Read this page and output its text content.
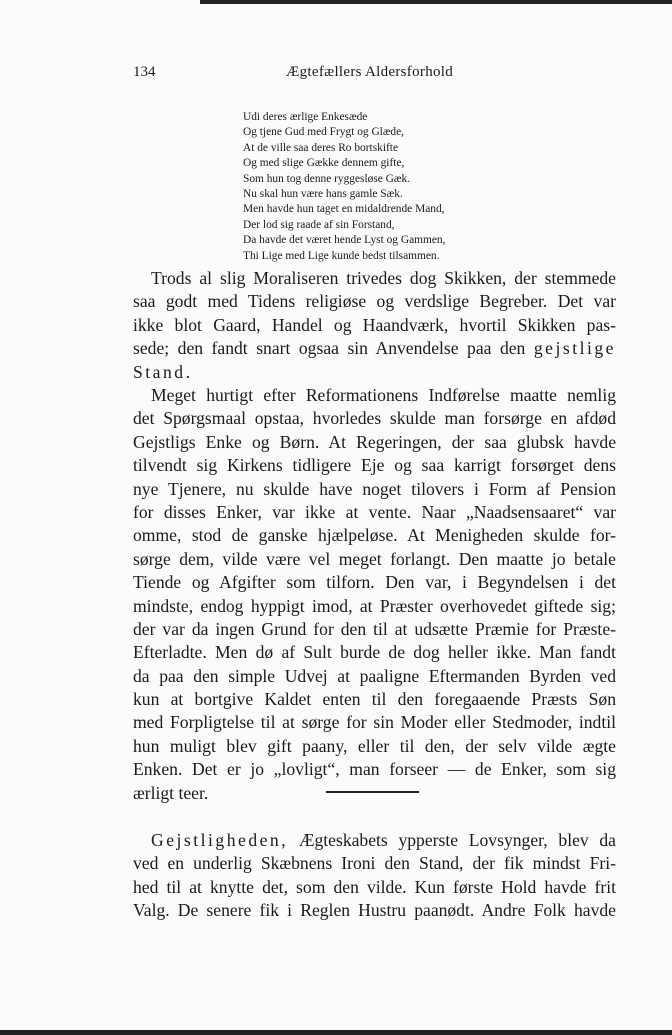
134	Ægtefællers Aldersforhold
Udi deres ærlige Enkesæde
Og tjene Gud med Frygt og Glæde,
At de ville saa deres Ro bortskifte
Og med slige Gække dennem gifte,
Som hun tog denne ryggesløse Gæk.
Nu skal hun være hans gamle Sæk.
Men havde hun taget en midaldrende Mand,
Der lod sig raade af sin Forstand,
Da havde det været hende Lyst og Gammen,
Thi Lige med Lige kunde bedst tilsammen.
Trods al slig Moraliseren trivedes dog Skikken, der stemmede
saa godt med Tidens religiøse og verdslige Begreber. Det var
ikke blot Gaard, Handel og Haandværk, hvortil Skikken pas-
sede; den fandt snart ogsaa sin Anvendelse paa den gejstlige
Stand.
Meget hurtigt efter Reformationens Indførelse maatte nemlig
det Spørgsmaal opstaa, hvorledes skulde man forsørge en afdød
Gejstligs Enke og Børn. At Regeringen, der saa glubsk havde
tilvendt sig Kirkens tidligere Eje og saa karrigt forsørget dens
nye Tjenere, nu skulde have noget tilovers i Form af Pension
for disses Enker, var ikke at vente. Naar „Naadsensaaret“ var
omme, stod de ganske hjælpeløse. At Menigheden skulde for-
sørge dem, vilde være vel meget forlangt. Den maatte jo betale
Tiende og Afgifter som tilforn. Den var, i Begyndelsen i det
mindste, endog hyppigt imod, at Præster overhovedet giftede sig;
der var da ingen Grund for den til at udsætte Præmie for Præste-
Efterladte. Men dø af Sult burde de dog heller ikke. Man fandt
da paa den simple Udvej at paaligne Eftermanden Byrden ved
kun at bortgive Kaldet enten til den foregaaende Præsts Søn
med Forpligtelse til at sørge for sin Moder eller Stedmoder, indtil
hun muligt blev gift paany, eller til den, der selv vilde ægte
Enken. Det er jo „lovligt“, man forseer — de Enker, som sig
ærligt teer.
Gejstligheden, Ægteskabets ypperste Lovsynger, blev da
ved en underlig Skæbnens Ironi den Stand, der fik mindst Fri-
hed til at knytte det, som den vilde. Kun første Hold havde frit
Valg. De senere fik i Reglen Hustru paanødt. Andre Folk havde
